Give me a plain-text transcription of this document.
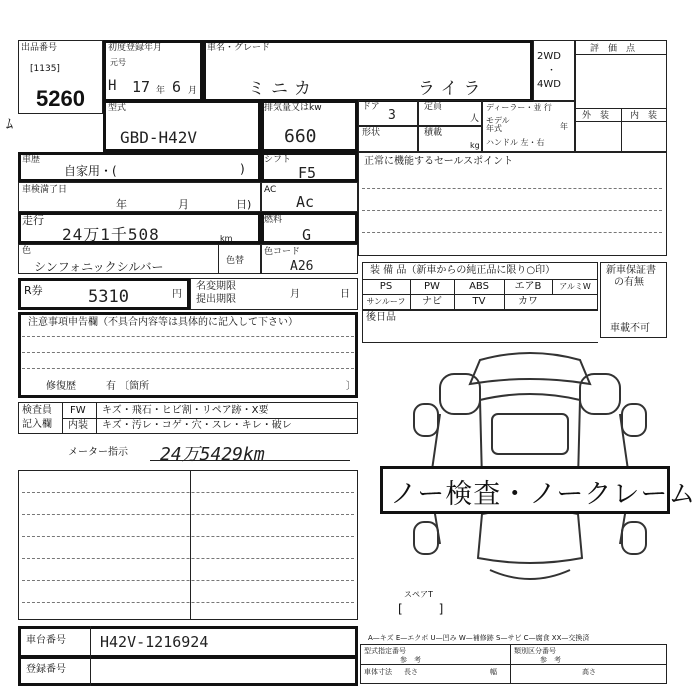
出品番号
[1135]
5260
初度登録年月
元号
H 17 年 6 月
車名・グレード
ミニカ	ライラ
2WD
・
4WD
評　価　点
外　装 内　装
型式
GBD-H42V
排気量又はkw
660
ドア
3
定員
人
ディーラー・並 行
モデル年式	年
ハンドル 左・右
形状	積載
kg
ﾑ
車歴
自家用・(	)
シフト
F5
車検満了日
年	月	日)
AC
Ac
走行
24万1千508	km
燃料
G
色
シンフォニックシルバー	色替
色コード
A26
R券	5310	円
名変期限
提出期限	月	日
注意事項申告欄（不具合内容等は具体的に記入して下さい）
修復歴	有 〔箇所	〕
検査員
記入欄
FW キズ・飛石・ヒビ割・リペア跡・X要
内装 キズ・汚レ・コゲ・穴・スレ・キレ・破レ
メーター指示 24万5429km
車台番号 H42V-1216924
登録番号
正常に機能するセールスポイント
装 備 品（新車からの純正品に限り○印）
PS	PW	ABS	エアB	アルミW
サンルーフ	ナビ	TV	カワ
後日品
新車保証書
の有無
車載不可
ノー検査・ノークレーム
スペアT
[　　　]
A—キズ E—エクボ U—凹み W—補修跡 S—サビ C—腐食 XX—交換済
型式指定番号	類別区分番号
参　考	参　考
車体寸法 長さ	幅	高さ
